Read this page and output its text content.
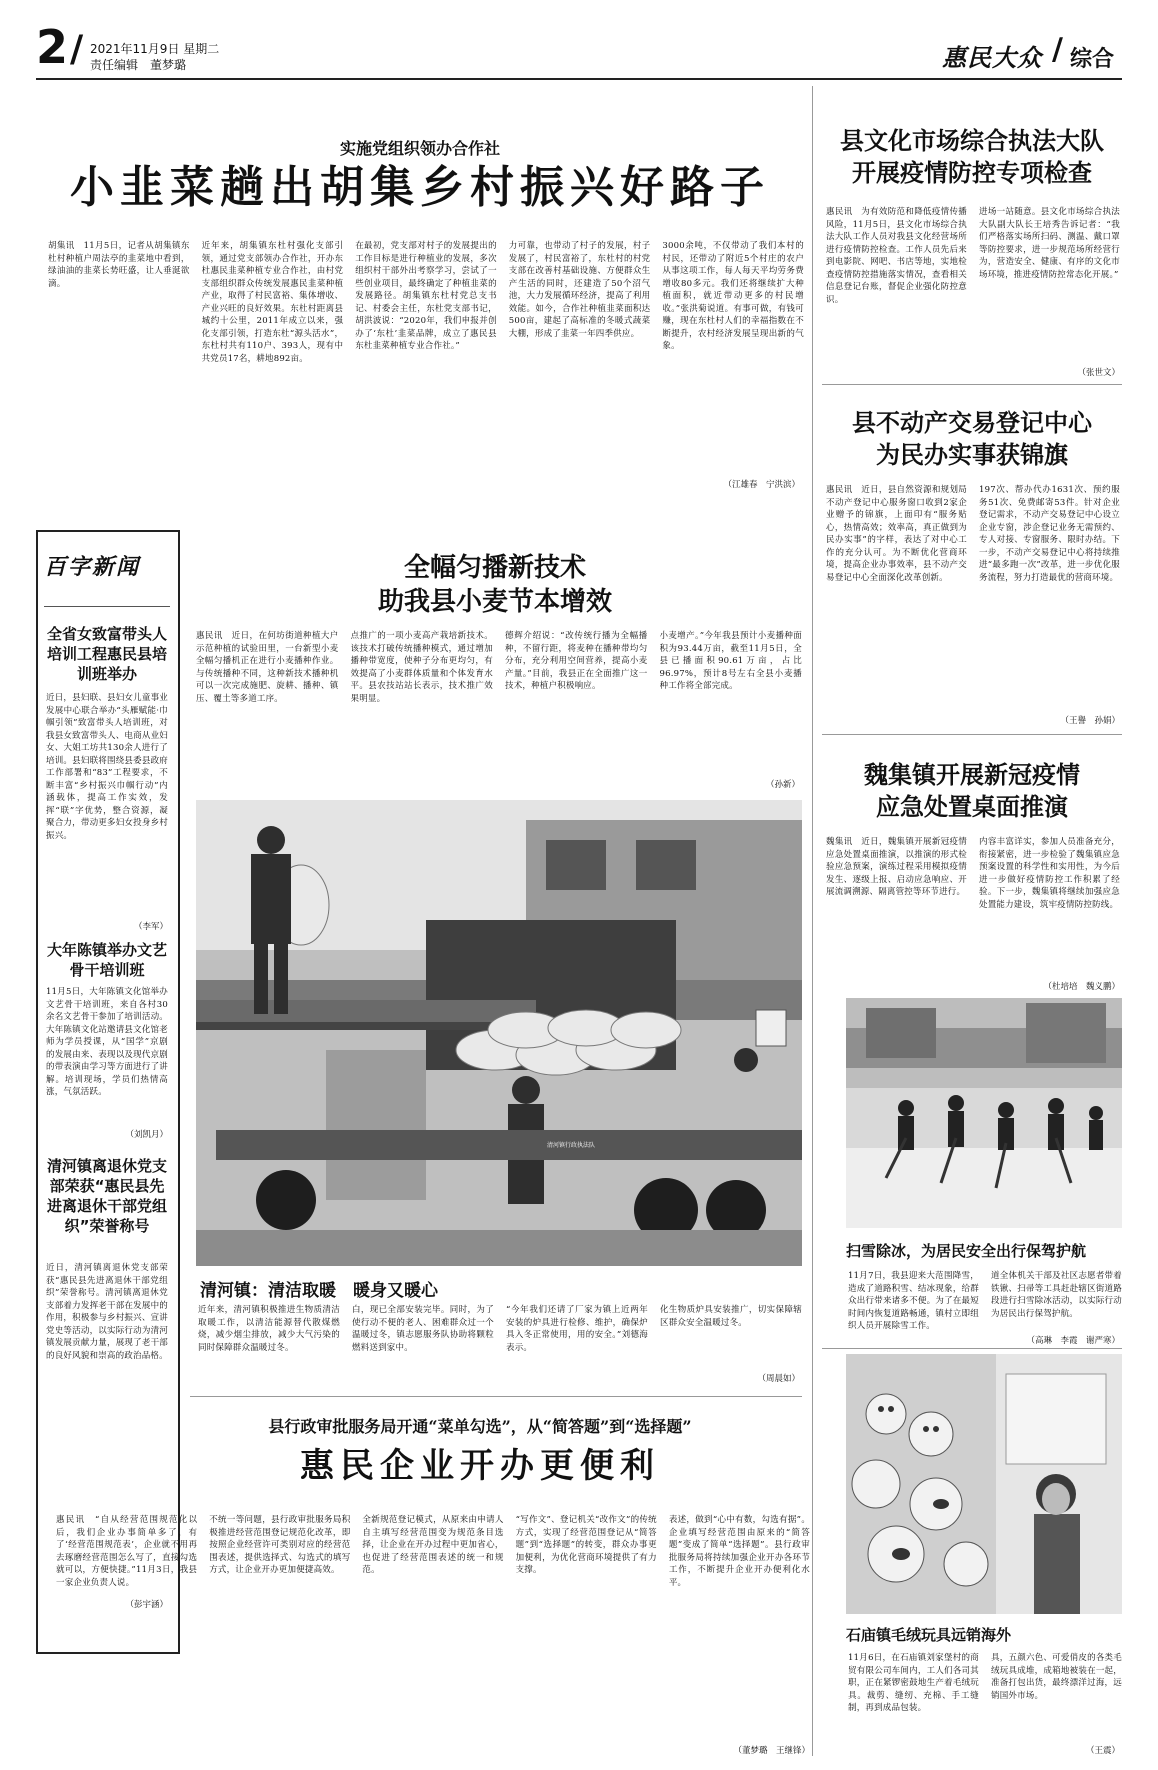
2 / 2021年11月9日 星期二
责任编辑　董梦璐	惠民大众 / 综合
实施党组织领办合作社
小韭菜趟出胡集乡村振兴好路子
胡集讯　11月5日，记者从胡集镇东杜村种植户周法亭的韭菜地中看到，绿油油的韭菜长势旺盛，让人垂涎欲滴。
近年来，胡集镇东杜村强化支部引领，通过党支部领办合作社，开办东杜惠民韭菜种植专业合作社，由村党支部组织群众传统发展惠民韭菜种植产业，取得了村民富裕、集体增收、产业兴旺的良好效果。东杜村距离县城约十公里，2011年成立以来，强化支部引领，打造东杜“源头活水”，东杜村共有110户、393人，现有中共党员17名，耕地892亩。
在最初，党支部对村子的发展提出的工作目标是进行种植业的发展，多次组织村干部外出考察学习，尝试了一些创业项目，最终确定了种植韭菜的发展路径。胡集镇东杜村党总支书记、村委会主任，东杜党支部书记，胡洪波说：“2020年，我们申报并创办了‘东杜’韭菜品牌，成立了惠民县东杜韭菜种植专业合作社。”
力可靠，也带动了村子的发展，村子发展了，村民富裕了，东杜村的村党支部在改善村基础设施、方便群众生产生活的同时，还建造了50个沼气池，大力发展循环经济，提高了利用效能。如今，合作社种植韭菜面积达500亩，建起了高标准的冬暖式蔬菜大棚，形成了韭菜一年四季供应。
3000余吨，不仅带动了我们本村的村民，还带动了附近5个村庄的农户从事这项工作，每人每天平均劳务费增收80多元。我们还将继续扩大种植面积，就近带动更多的村民增收。”张洪菊说道。有事可做，有钱可赚，现在东杜村人们的幸福指数在不断提升，农村经济发展呈现出新的气象。
（江雄春　宁洪滨）
县文化市场综合执法大队
开展疫情防控专项检查
惠民讯　为有效防范和降低疫情传播风险，11月5日，县文化市场综合执法大队工作人员对我县文化经营场所进行疫情防控检查。工作人员先后来到电影院、网吧、书店等地，实地检查疫情防控措施落实情况，查看相关信息登记台账，督促企业强化防控意识。
进场一站随意。县文化市场综合执法大队副大队长王培秀告诉记者：“我们严格落实场所扫码、测温、戴口罩等防控要求，进一步规范场所经营行为，营造安全、健康、有序的文化市场环境，推进疫情防控常态化开展。”
（张世文）
县不动产交易登记中心
为民办实事获锦旗
惠民讯　近日，县自然资源和规划局不动产登记中心服务窗口收到2家企业赠予的锦旗，上面印有“服务贴心，热情高效；效率高，真正做到为民办实事”的字样，表达了对中心工作的充分认可。为不断优化营商环境，提高企业办事效率，县不动产交易登记中心全面深化改革创新。
197次、帮办代办1631次、预约服务51次、免费邮寄53件。针对企业登记需求，不动产交易登记中心设立企业专窗，涉企登记业务无需预约、专人对接、专窗服务、限时办结。下一步，不动产交易登记中心将持续推进“最多跑一次”改革，进一步优化服务流程，努力打造最优的营商环境。
（王譽　孙娟）
魏集镇开展新冠疫情
应急处置桌面推演
魏集讯　近日，魏集镇开展新冠疫情应急处置桌面推演，以推演的形式检验应急预案，演练过程采用模拟疫情发生、逐级上报、启动应急响应、开展流调溯源、隔离管控等环节进行。
内容丰富详实，参加人员准备充分，衔接紧密，进一步检验了魏集镇应急预案设置的科学性和实用性，为今后进一步做好疫情防控工作积累了经验。下一步，魏集镇将继续加强应急处置能力建设，筑牢疫情防控防线。
（杜培培　魏义鹏）
扫雪除冰，为居民安全出行保驾护航
11月7日，我县迎来大范围降雪，造成了道路积雪、结冰现象，给群众出行带来诸多不便。为了在最短时间内恢复道路畅通，镇村立即组织人员开展除雪工作。
道全体机关干部及社区志愿者带着铁锹、扫帚等工具赶赴辖区街道路段进行扫雪除冰活动，以实际行动为居民出行保驾护航。
（高琳　李霞　谢严寒）
石庙镇毛绒玩具远销海外
11月6日，在石庙镇刘家堡村的商贸有限公司车间内，工人们各司其职，正在紧锣密鼓地生产着毛绒玩具。裁剪、缝纫、充棉、手工缝制，再到成品包装。
具，五颜六色、可爱俏皮的各类毛绒玩具成堆，成箱地被装在一起，准备打包出货，最终漂洋过海，远销国外市场。
（王震）
百字新闻
全省女致富带头人培训工程惠民县培训班举办
近日，县妇联、县妇女儿童事业发展中心联合举办“头雁赋能·巾帼引领”致富带头人培训班，对我县女致富带头人、电商从业妇女、大姐工坊共130余人进行了培训。县妇联将围绕县委县政府工作部署和“83”工程要求，不断丰富“乡村振兴巾帼行动”内涵载体，提高工作实效，发挥“联”字优势，整合资源，凝聚合力，带动更多妇女投身乡村振兴。
（李军）
大年陈镇举办文艺骨干培训班
11月5日，大年陈镇文化馆举办文艺骨干培训班，来自各村30余名文艺骨干参加了培训活动。大年陈镇文化站邀请县文化馆老师为学员授课，从“国学”京剧的发展由来、表现以及现代京剧的带表演由学习等方面进行了讲解。培训现场，学员们热情高涨，气氛活跃。
（刘凯月）
清河镇离退休党支部荣获“惠民县先进离退休干部党组织”荣誉称号
近日，清河镇离退休党支部荣获“惠民县先进离退休干部党组织”荣誉称号。清河镇离退休党支部着力发挥老干部在发展中的作用，积极参与乡村振兴、宣讲党史等活动，以实际行动为清河镇发展贡献力量，展现了老干部的良好风貌和崇高的政治品格。
（彭宇涵）
全幅匀播新技术
助我县小麦节本增效
惠民讯　近日，在何坊街道种植大户示范种植的试验田里，一台新型小麦全幅匀播机正在进行小麦播种作业。与传统播种不同，这种新技术播种机可以一次完成施肥、旋耕、播种、镇压、覆土等多道工序。
点推广的一项小麦高产栽培新技术。该技术打破传统播种模式，通过增加播种带宽度，使种子分布更均匀，有效提高了小麦群体质量和个体发育水平。县农技站站长表示，技术推广效果明显。
德辉介绍说：“改传统行播为全幅播种，不留行距，将麦种在播种带均匀分布，充分利用空间营养，提高小麦产量。”目前，我县正在全面推广这一技术，种植户积极响应。
小麦增产。”今年我县预计小麦播种面积为93.44万亩，截至11月5日，全县已播面积90.61万亩，占比96.97%，预计8号左右全县小麦播种工作将全部完成。
（孙新）
清河镇行政执法队
清河镇：清洁取暖　暖身又暖心
近年来，清河镇积极推进生物质清洁取暖工作，以清洁能源替代散煤燃烧，减少烟尘排放，减少大气污染的同时保障群众温暖过冬。
白，现已全部安装完毕。同时，为了使行动不便的老人、困难群众过一个温暖过冬，镇志愿服务队协助将颗粒燃料送到家中。
“今年我们还请了厂家为镇上近两年安装的炉具进行检修、维护，确保炉具入冬正常使用，用的安全。”刘德海表示。
化生物质炉具安装推广，切实保障辖区群众安全温暖过冬。
（周晨如）
县行政审批服务局开通“菜单勾选”，从“简答题”到“选择题”
惠民企业开办更便利
惠民讯　“自从经营范围规范化以后，我们企业办事简单多了，有了‘经营范围规范表’，企业就不用再去琢磨经营范围怎么写了，直接勾选就可以，方便快捷。”11月3日，我县一家企业负责人说。
不统一等问题，县行政审批服务局积极推进经营范围登记规范化改革，即按照企业经营许可类别对应的经营范围表述，提供选择式、勾选式的填写方式，让企业开办更加便捷高效。
全新规范登记模式，从原来由申请人自主填写经营范围变为规范条目选择，让企业在开办过程中更加省心，也促进了经营范围表述的统一和规范。
“写作文”、登记机关“改作文”的传统方式，实现了经营范围登记从“简答题”到“选择题”的转变，群众办事更加便利，为优化营商环境提供了有力支撑。
表述，做到“心中有数，勾选有据”。企业填写经营范围由原来的“简答题”变成了简单“选择题”。县行政审批服务局将持续加强企业开办各环节工作，不断提升企业开办便利化水平。
（董梦璐　王继锋）
